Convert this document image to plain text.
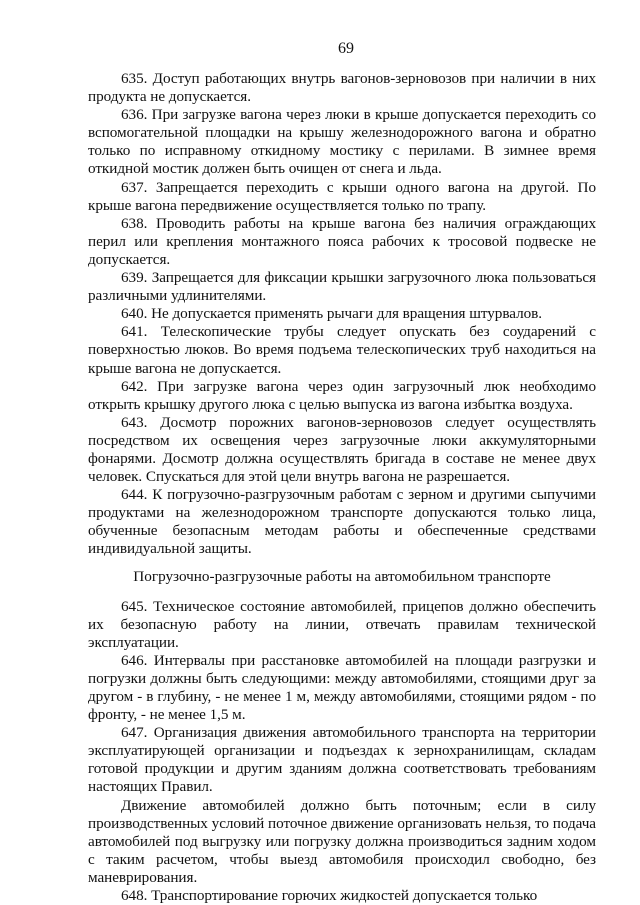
69

635. Доступ работающих внутрь вагонов-зерновозов при наличии в них продукта не допускается.

636. При загрузке вагона через люки в крыше допускается переходить со вспомогательной площадки на крышу железнодорожного вагона и обратно только по исправному откидному мостику с перилами. В зимнее время откидной мостик должен быть очищен от снега и льда.

637. Запрещается переходить с крыши одного вагона на другой. По крыше вагона передвижение осуществляется только по трапу.

638. Проводить работы на крыше вагона без наличия ограждающих перил или крепления монтажного пояса рабочих к тросовой подвеске не допускается.

639. Запрещается для фиксации крышки загрузочного люка пользоваться различными удлинителями.

640. Не допускается применять рычаги для вращения штурвалов.

641. Телескопические трубы следует опускать без соударений с поверхностью люков. Во время подъема телескопических труб находиться на крыше вагона не допускается.

642. При загрузке вагона через один загрузочный люк необходимо открыть крышку другого люка с целью выпуска из вагона избытка воздуха.

643. Досмотр порожних вагонов-зерновозов следует осуществлять посредством их освещения через загрузочные люки аккумуляторными фонарями. Досмотр должна осуществлять бригада в составе не менее двух человек. Спускаться для этой цели внутрь вагона не разрешается.

644. К погрузочно-разгрузочным работам с зерном и другими сыпучими продуктами на железнодорожном транспорте допускаются только лица, обученные безопасным методам работы и обеспеченные средствами индивидуальной защиты.

Погрузочно-разгрузочные работы на автомобильном транспорте

645. Техническое состояние автомобилей, прицепов должно обеспечить их безопасную работу на линии, отвечать правилам технической эксплуатации.

646. Интервалы при расстановке автомобилей на площади разгрузки и погрузки должны быть следующими: между автомобилями, стоящими друг за другом - в глубину, - не менее 1 м, между автомобилями, стоящими рядом - по фронту, - не менее 1,5 м.

647. Организация движения автомобильного транспорта на территории эксплуатирующей организации и подъездах к зернохранилищам, складам готовой продукции и другим зданиям должна соответствовать требованиям настоящих Правил.

Движение автомобилей должно быть поточным; если в силу производственных условий поточное движение организовать нельзя, то подача автомобилей под выгрузку или погрузку должна производиться задним ходом с таким расчетом, чтобы выезд автомобиля происходил свободно, без маневрирования.

648. Транспортирование горючих жидкостей допускается только
